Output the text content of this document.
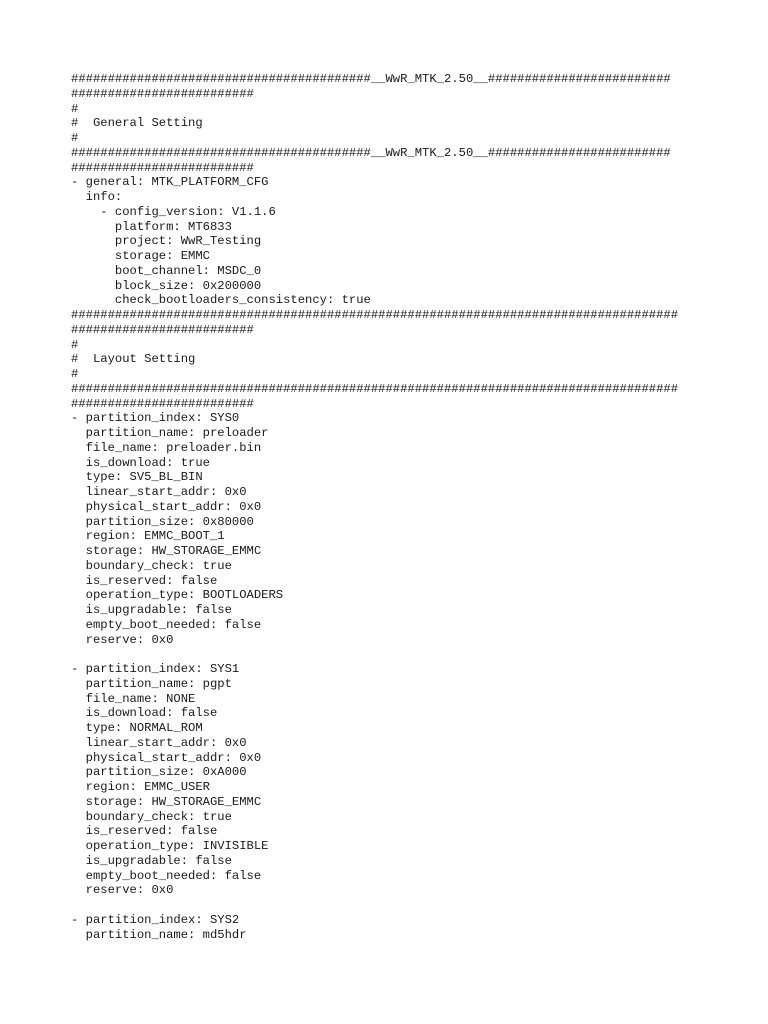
#########################################__WwR_MTK_2.50__#########################
#########################
#
#  General Setting
#
#########################################__WwR_MTK_2.50__#########################
#########################
- general: MTK_PLATFORM_CFG
info:
- config_version: V1.1.6
platform: MT6833
project: WwR_Testing
storage: EMMC
boot_channel: MSDC_0
block_size: 0x200000
check_bootloaders_consistency: true
###################################################################################
#########################
#
#  Layout Setting
#
###################################################################################
#########################
- partition_index: SYS0
partition_name: preloader
file_name: preloader.bin
is_download: true
type: SV5_BL_BIN
linear_start_addr: 0x0
physical_start_addr: 0x0
partition_size: 0x80000
region: EMMC_BOOT_1
storage: HW_STORAGE_EMMC
boundary_check: true
is_reserved: false
operation_type: BOOTLOADERS
is_upgradable: false
empty_boot_needed: false
reserve: 0x0
- partition_index: SYS1
partition_name: pgpt
file_name: NONE
is_download: false
type: NORMAL_ROM
linear_start_addr: 0x0
physical_start_addr: 0x0
partition_size: 0xA000
region: EMMC_USER
storage: HW_STORAGE_EMMC
boundary_check: true
is_reserved: false
operation_type: INVISIBLE
is_upgradable: false
empty_boot_needed: false
reserve: 0x0
- partition_index: SYS2
partition_name: md5hdr
